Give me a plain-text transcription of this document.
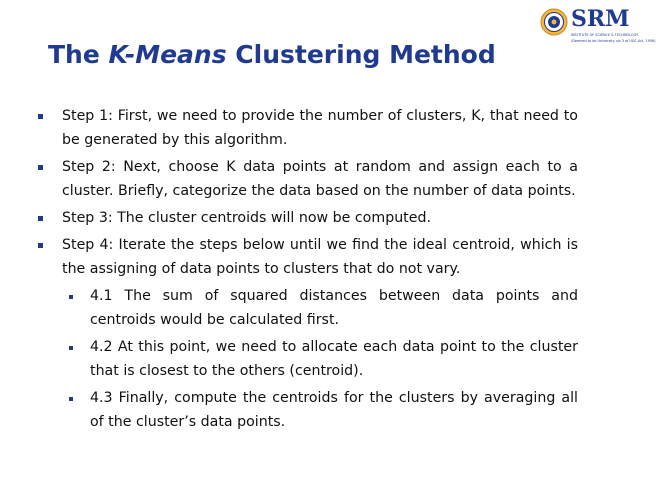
SRM
INSTITUTE OF SCIENCE & TECHNOLOGY
(Deemed to be University u/s 3 of UGC Act, 1956)
The K-Means Clustering Method
Step 1: First, we need to provide the number of clusters, K, that need to be generated by this algorithm.
Step 2: Next, choose K data points at random and assign each to a cluster. Briefly, categorize the data based on the number of data points.
Step 3: The cluster centroids will now be computed.
Step 4: Iterate the steps below until we find the ideal centroid, which is the assigning of data points to clusters that do not vary.
4.1 The sum of squared distances between data points and centroids would be calculated first.
4.2 At this point, we need to allocate each data point to the cluster that is closest to the others (centroid).
4.3 Finally, compute the centroids for the clusters by averaging all of the cluster’s data points.
